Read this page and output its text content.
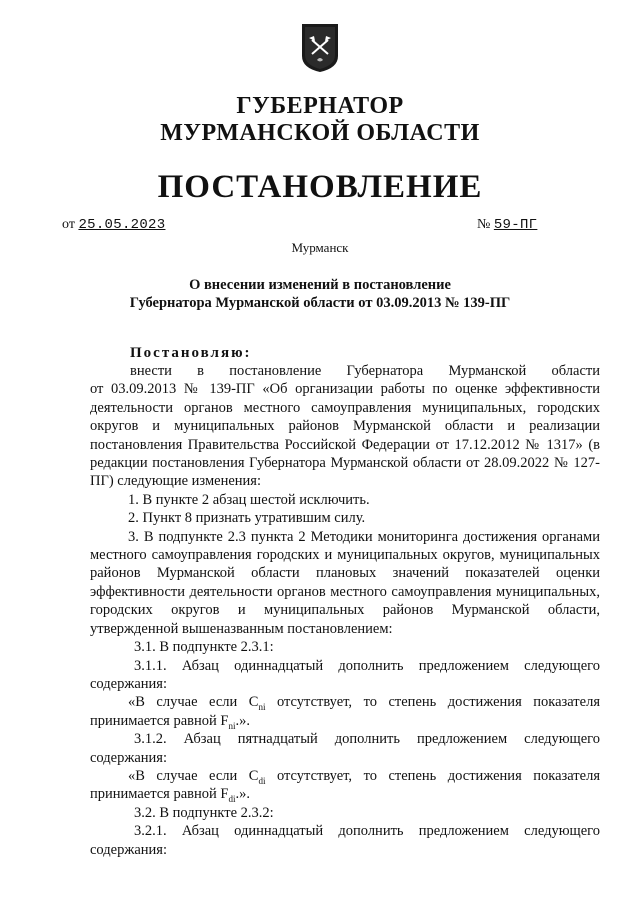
ГУБЕРНАТОР
МУРМАНСКОЙ ОБЛАСТИ
ПОСТАНОВЛЕНИЕ
от 25.05.2023	№ 59-ПГ
Мурманск
О внесении изменений в постановление
Губернатора Мурманской области от 03.09.2013 № 139-ПГ
Постановляю:

внести в постановление Губернатора Мурманской области

от 03.09.2013 № 139-ПГ «Об организации работы по оценке эффективности деятельности органов местного самоуправления муниципальных, городских округов и муниципальных районов Мурманской области и реализации постановления Правительства Российской Федерации от 17.12.2012 № 1317» (в редакции постановления Губернатора Мурманской области от 28.09.2022 № 127-ПГ) следующие изменения:

1. В пункте 2 абзац шестой исключить.

2. Пункт 8 признать утратившим силу.

3. В подпункте 2.3 пункта 2 Методики мониторинга достижения органами местного самоуправления городских и муниципальных округов, муниципальных районов Мурманской области плановых значений показателей оценки эффективности деятельности органов местного самоуправления муниципальных, городских округов и муниципальных районов Мурманской области, утвержденной вышеназванным постановлением:

3.1. В подпункте 2.3.1:

3.1.1. Абзац одиннадцатый дополнить предложением следующего содержания:

«В случае если $C_{ni}$ отсутствует, то степень достижения показателя принимается равной $F_{ni}$.».

3.1.2. Абзац пятнадцатый дополнить предложением следующего содержания:

«В случае если $C_{di}$ отсутствует, то степень достижения показателя принимается равной $F_{di}$.».

3.2. В подпункте 2.3.2:

3.2.1. Абзац одиннадцатый дополнить предложением следующего содержания:
